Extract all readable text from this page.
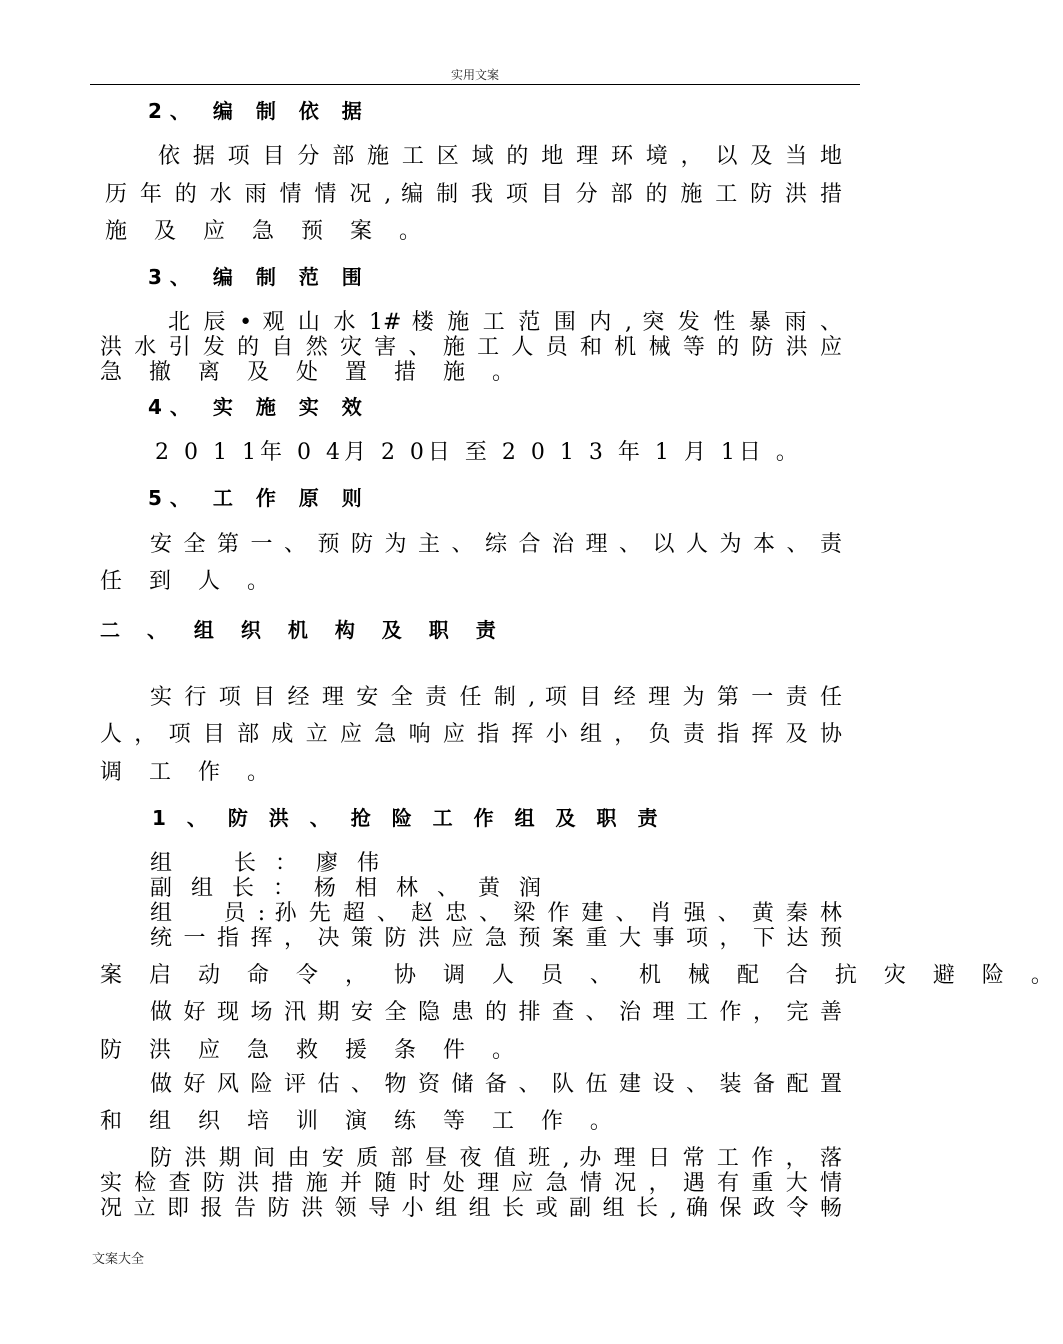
实用文案
2、 编 制 依 据
依 据 项 目 分 部 施 工 区 域 的 地 理 环 境 ， 以 及 当 地
历 年 的 水 雨 情 情 况 , 编 制 我 项 目 分 部 的 施 工 防 洪 措
施 及 应 急 预 案 。
3、 编 制 范 围
北 辰 • 观 山 水 1# 楼 施 工 范 围 内 , 突 发 性 暴 雨 、
洪 水 引 发 的 自 然 灾 害 、 施 工 人 员 和 机 械 等 的 防 洪 应
急 撤 离 及 处 置 措 施 。
4、 实 施 实 效
2 0 1 1年 0 4月 2 0日 至 2 0 1 3 年 1 月 1日 。
5、 工 作 原 则
安 全 第 一 、 预 防 为 主 、 综 合 治 理 、 以 人 为 本 、 责
任 到 人 。
二 、 组 织 机 构 及 职 责
实 行 项 目 经 理 安 全 责 任 制 , 项 目 经 理 为 第 一 责 任
人 ， 项 目 部 成 立 应 急 响 应 指 挥 小 组 ， 负 责 指 挥 及 协
调 工 作 。
1 、 防 洪 、 抢 险 工 作 组 及 职 责
组　　长 ： 廖 伟
副 组 长 ： 杨 相 林 、 黄 润
组　　员 : 孙 先 超 、 赵 忠 、 梁 作 建 、 肖 强 、 黄 秦 林
统 一 指 挥 ， 决 策 防 洪 应 急 预 案 重 大 事 项 ， 下 达 预
案 启 动 命 令 ， 协 调 人 员 、 机 械 配 合 抗 灾 避 险 。
做 好 现 场 汛 期 安 全 隐 患 的 排 查 、 治 理 工 作 ， 完 善
防 洪 应 急 救 援 条 件 。
做 好 风 险 评 估 、 物 资 储 备 、 队 伍 建 设 、 装 备 配 置
和 组 织 培 训 演 练 等 工 作 。
防 洪 期 间 由 安 质 部 昼 夜 值 班 , 办 理 日 常 工 作 ， 落
实 检 查 防 洪 措 施 并 随 时 处 理 应 急 情 况 ， 遇 有 重 大 情
况 立 即 报 告 防 洪 领 导 小 组 组 长 或 副 组 长 , 确 保 政 令 畅
文案大全
